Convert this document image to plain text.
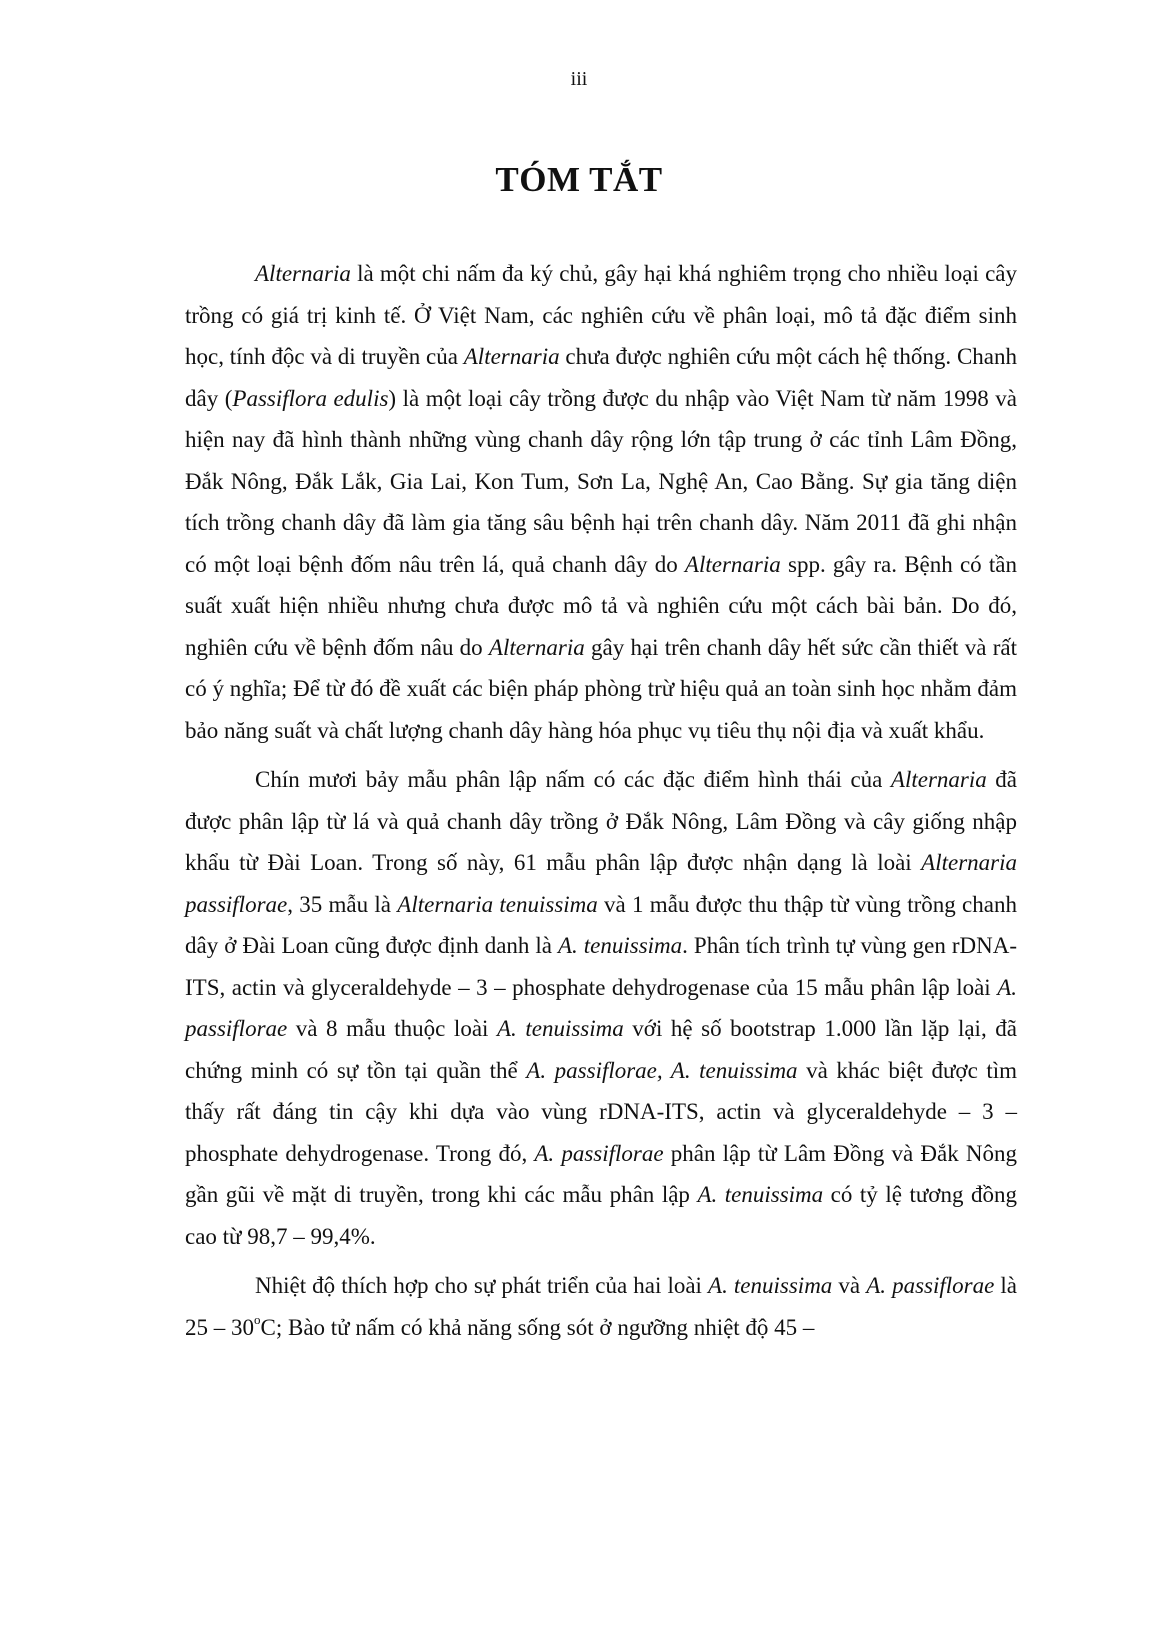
iii
TÓM TẮT

Alternaria là một chi nấm đa ký chủ, gây hại khá nghiêm trọng cho nhiều loại cây trồng có giá trị kinh tế. Ở Việt Nam, các nghiên cứu về phân loại, mô tả đặc điểm sinh học, tính độc và di truyền của Alternaria chưa được nghiên cứu một cách hệ thống. Chanh dây (Passiflora edulis) là một loại cây trồng được du nhập vào Việt Nam từ năm 1998 và hiện nay đã hình thành những vùng chanh dây rộng lớn tập trung ở các tỉnh Lâm Đồng, Đắk Nông, Đắk Lắk, Gia Lai, Kon Tum, Sơn La, Nghệ An, Cao Bằng. Sự gia tăng diện tích trồng chanh dây đã làm gia tăng sâu bệnh hại trên chanh dây. Năm 2011 đã ghi nhận có một loại bệnh đốm nâu trên lá, quả chanh dây do Alternaria spp. gây ra. Bệnh có tần suất xuất hiện nhiều nhưng chưa được mô tả và nghiên cứu một cách bài bản. Do đó, nghiên cứu về bệnh đốm nâu do Alternaria gây hại trên chanh dây hết sức cần thiết và rất có ý nghĩa; Để từ đó đề xuất các biện pháp phòng trừ hiệu quả an toàn sinh học nhằm đảm bảo năng suất và chất lượng chanh dây hàng hóa phục vụ tiêu thụ nội địa và xuất khẩu.

Chín mươi bảy mẫu phân lập nấm có các đặc điểm hình thái của Alternaria đã được phân lập từ lá và quả chanh dây trồng ở Đắk Nông, Lâm Đồng và cây giống nhập khẩu từ Đài Loan. Trong số này, 61 mẫu phân lập được nhận dạng là loài Alternaria passiflorae, 35 mẫu là Alternaria tenuissima và 1 mẫu được thu thập từ vùng trồng chanh dây ở Đài Loan cũng được định danh là A. tenuissima. Phân tích trình tự vùng gen rDNA-ITS, actin và glyceraldehyde – 3 – phosphate dehydrogenase của 15 mẫu phân lập loài A. passiflorae và 8 mẫu thuộc loài A. tenuissima với hệ số bootstrap 1.000 lần lặp lại, đã chứng minh có sự tồn tại quần thể A. passiflorae, A. tenuissima và khác biệt được tìm thấy rất đáng tin cậy khi dựa vào vùng rDNA-ITS, actin và glyceraldehyde – 3 – phosphate dehydrogenase. Trong đó, A. passiflorae phân lập từ Lâm Đồng và Đắk Nông gần gũi về mặt di truyền, trong khi các mẫu phân lập A. tenuissima có tỷ lệ tương đồng cao từ 98,7 – 99,4%.

Nhiệt độ thích hợp cho sự phát triển của hai loài A. tenuissima và A. passiflorae là 25 – 30$^o$C; Bào tử nấm có khả năng sống sót ở ngưỡng nhiệt độ 45 –
